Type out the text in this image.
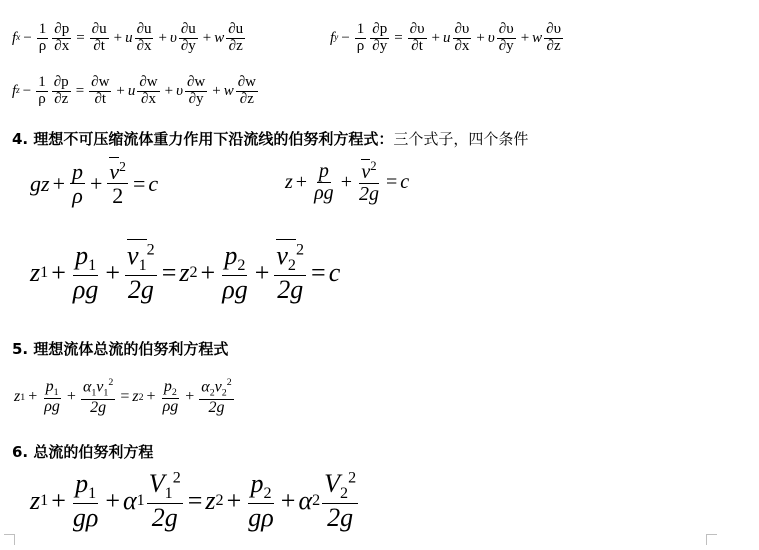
f $x - \frac{1}{\rho} \frac{\partial p}{\partial x} = \frac{\partial u}{\partial t} + u \frac{\partial u}{\partial x} + \upsilon \frac{\partial u}{\partial y} + w \frac{\partial u}{\partial z}$	f $y - \frac{1}{\rho} \frac{\partial p}{\partial y} = \frac{\partial\upsilon}{\partial t} + u \frac{\partial\upsilon}{\partial x} + \upsilon \frac{\partial\upsilon}{\partial y} + w \frac{\partial\upsilon}{\partial z}$
f $z - \frac{1}{\rho} \frac{\partial p}{\partial z} = \frac{\partial w}{\partial t} + u \frac{\partial w}{\partial x} + \upsilon \frac{\partial w}{\partial y} + w \frac{\partial w}{\partial z}$
4. 理想不可压缩流体重力作用下沿流线的伯努利方程式：三个式子，四个条件
gz + $\frac{p}{\rho} + \frac{v^2}{2} = c$	$z + \frac{p}{\rho g} + \frac{v^2}{2g} = c$
z $1 + \frac{p_1}{\rho g} + \frac{v_1^2}{2g} = z$ $2 + \frac{p_2}{\rho g} + \frac{v_2^2}{2g} = c$
5. 理想流体总流的伯努利方程式
z $1 + \frac{p_1}{\rho g} + \frac{\alpha_1v_1^2}{2g} = z$ $2 + \frac{p_2}{\rho g} + \frac{\alpha_2v_2^2}{2g}$
6. 总流的伯努利方程
z $1 + \frac{p_1}{g\rho} + \alpha$ $1 \frac{V_1^2}{2g} = z$ $2 + \frac{p_2}{g\rho} + \alpha$ $2 \frac{V_2^2}{2g}$
